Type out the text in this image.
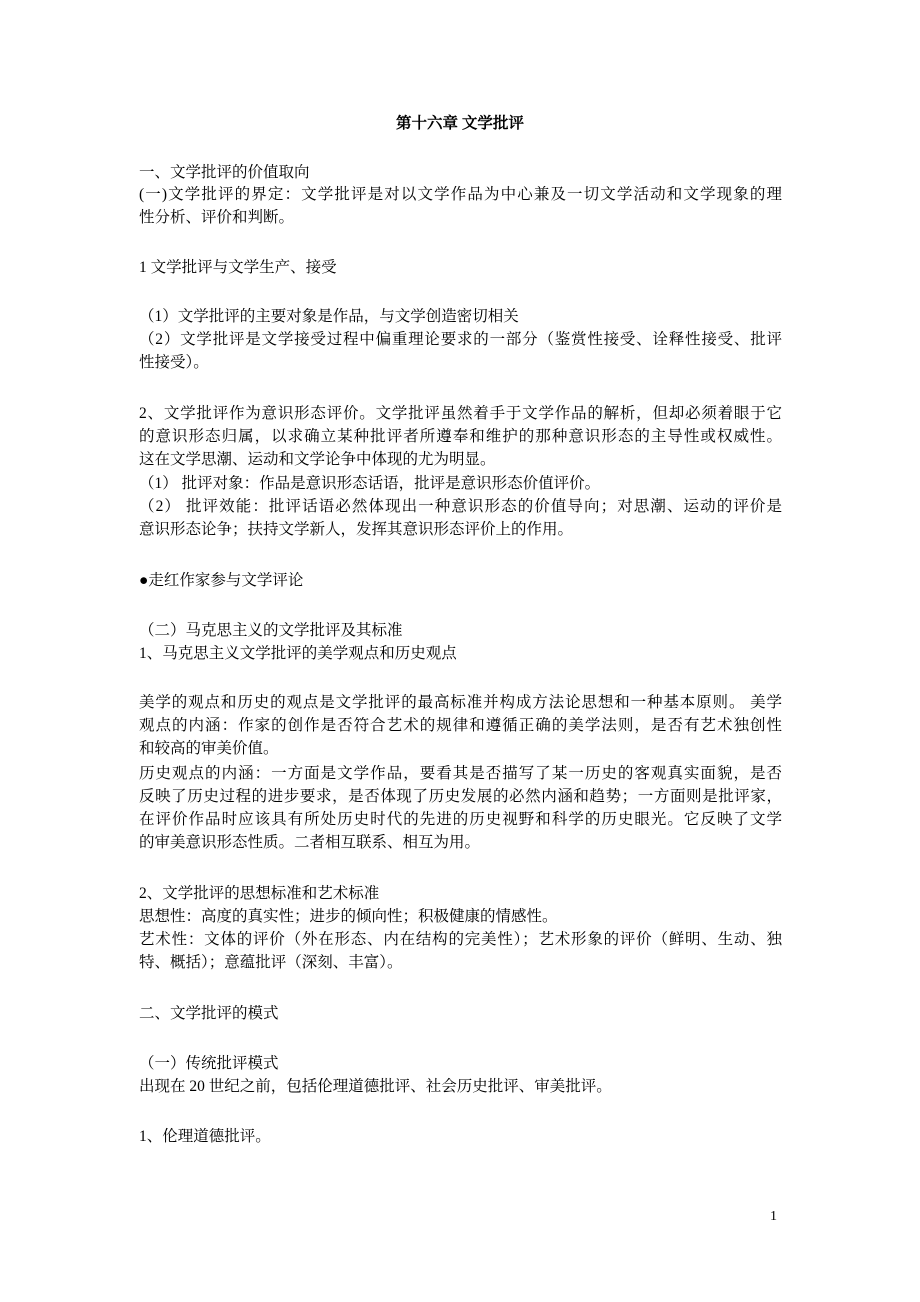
第十六章 文学批评
一、文学批评的价值取向
(一)文学批评的界定：文学批评是对以文学作品为中心兼及一切文学活动和文学现象的理
性分析、评价和判断。
1 文学批评与文学生产、接受
（1）文学批评的主要对象是作品，与文学创造密切相关
（2）文学批评是文学接受过程中偏重理论要求的一部分（鉴赏性接受、诠释性接受、批评
性接受）。
2、文学批评作为意识形态评价。文学批评虽然着手于文学作品的解析，但却必须着眼于它
的意识形态归属，以求确立某种批评者所遵奉和维护的那种意识形态的主导性或权威性。
这在文学思潮、运动和文学论争中体现的尤为明显。
（1） 批评对象：作品是意识形态话语，批评是意识形态价值评价。
（2） 批评效能：批评话语必然体现出一种意识形态的价值导向；对思潮、运动的评价是
意识形态论争；扶持文学新人，发挥其意识形态评价上的作用。
●走红作家参与文学评论
（二）马克思主义的文学批评及其标准
1、马克思主义文学批评的美学观点和历史观点
美学的观点和历史的观点是文学批评的最高标准并构成方法论思想和一种基本原则。 美学
观点的内涵：作家的创作是否符合艺术的规律和遵循正确的美学法则，是否有艺术独创性
和较高的审美价值。
历史观点的内涵：一方面是文学作品，要看其是否描写了某一历史的客观真实面貌，是否
反映了历史过程的进步要求，是否体现了历史发展的必然内涵和趋势；一方面则是批评家，
在评价作品时应该具有所处历史时代的先进的历史视野和科学的历史眼光。它反映了文学
的审美意识形态性质。二者相互联系、相互为用。
2、文学批评的思想标准和艺术标准
思想性：高度的真实性；进步的倾向性；积极健康的情感性。
艺术性：文体的评价（外在形态、内在结构的完美性）；艺术形象的评价（鲜明、生动、独
特、概括）；意蕴批评（深刻、丰富）。
二、文学批评的模式
（一）传统批评模式
出现在 20 世纪之前，包括伦理道德批评、社会历史批评、审美批评。
1、伦理道德批评。
1
